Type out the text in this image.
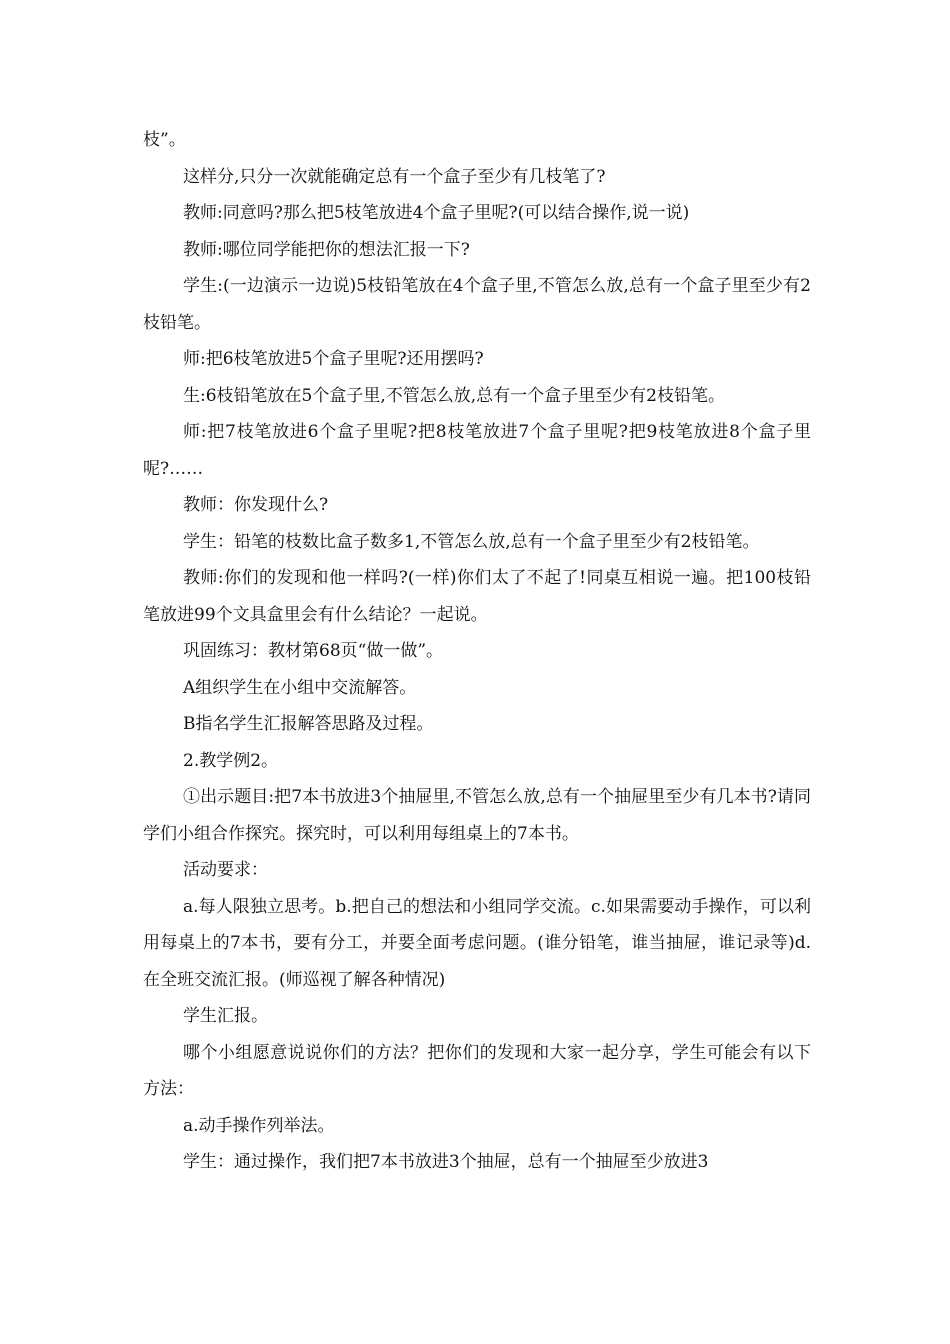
枝”。

这样分,只分一次就能确定总有一个盒子至少有几枝笔了?

教师:同意吗?那么把5枝笔放进4个盒子里呢?(可以结合操作,说一说)

教师:哪位同学能把你的想法汇报一下?

学生:(一边演示一边说)5枝铅笔放在4个盒子里,不管怎么放,总有一个盒子里至少有2枝铅笔。

师:把6枝笔放进5个盒子里呢?还用摆吗?

生:6枝铅笔放在5个盒子里,不管怎么放,总有一个盒子里至少有2枝铅笔。

师:把7枝笔放进6个盒子里呢?把8枝笔放进7个盒子里呢?把9枝笔放进8个盒子里呢?……

教师：你发现什么?

学生：铅笔的枝数比盒子数多1,不管怎么放,总有一个盒子里至少有2枝铅笔。

教师:你们的发现和他一样吗?(一样)你们太了不起了!同桌互相说一遍。把100枝铅笔放进99个文具盒里会有什么结论？一起说。

巩固练习：教材第68页“做一做”。

A组织学生在小组中交流解答。

B指名学生汇报解答思路及过程。

2.教学例2。

①出示题目:把7本书放进3个抽屉里,不管怎么放,总有一个抽屉里至少有几本书?请同学们小组合作探究。探究时，可以利用每组桌上的7本书。

活动要求：

a.每人限独立思考。b.把自己的想法和小组同学交流。c.如果需要动手操作，可以利用每桌上的7本书，要有分工，并要全面考虑问题。(谁分铅笔，谁当抽屉，谁记录等)d.在全班交流汇报。(师巡视了解各种情况)

学生汇报。

哪个小组愿意说说你们的方法？把你们的发现和大家一起分享，学生可能会有以下方法：

a.动手操作列举法。

学生：通过操作，我们把7本书放进3个抽屉，总有一个抽屉至少放进3
